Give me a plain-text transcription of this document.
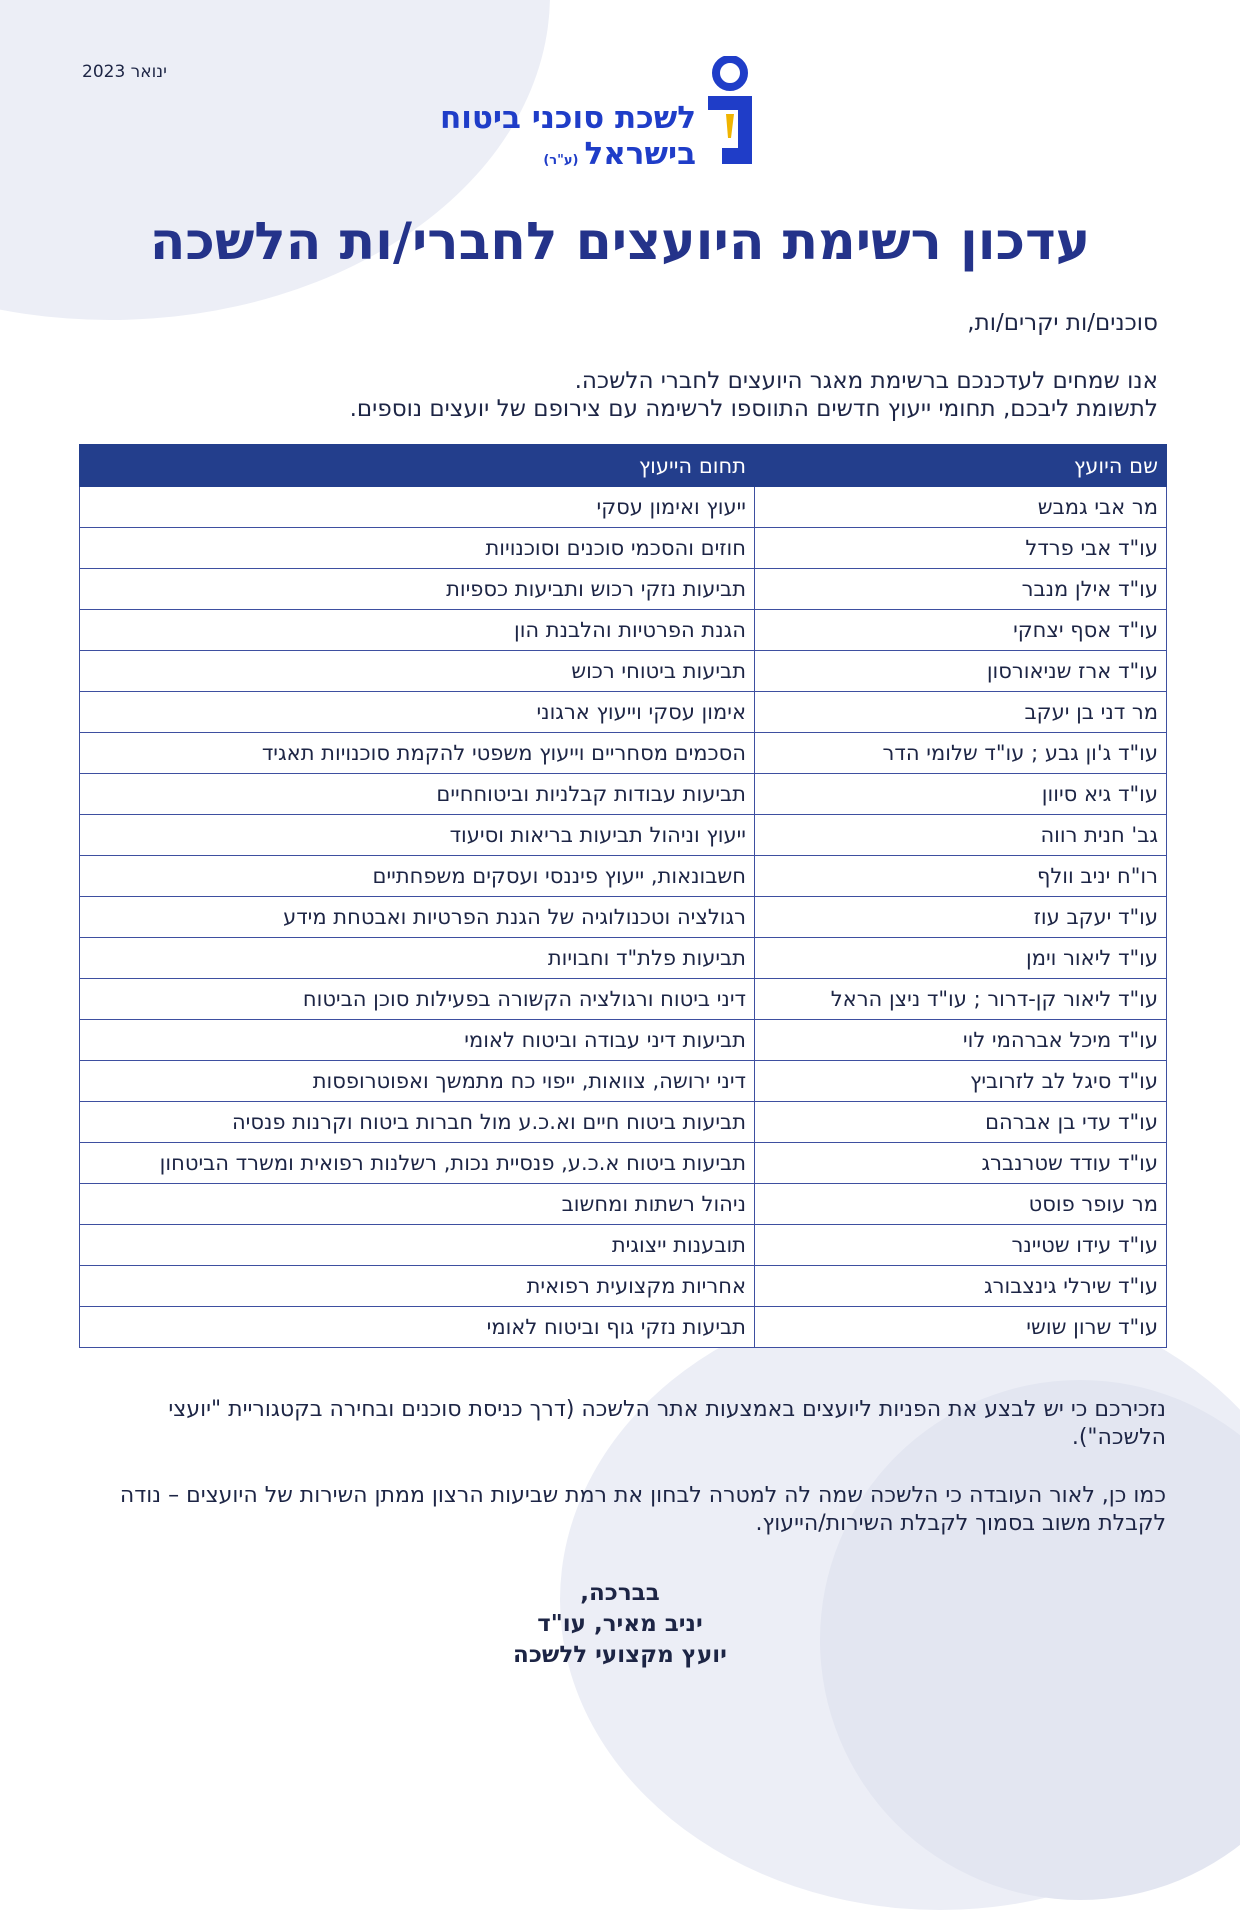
ינואר 2023
לשכת סוכני ביטוח
בישראל(ע"ר)
עדכון רשימת היועצים לחברי/ות הלשכה
סוכנים/ות יקרים/ות,
אנו שמחים לעדכנכם ברשימת מאגר היועצים לחברי הלשכה.
לתשומת ליבכם, תחומי ייעוץ חדשים התווספו לרשימה עם צירופם של יועצים נוספים.
שם היועץ	תחום הייעוץ
מר אבי גמבש	ייעוץ ואימון עסקי
עו"ד אבי פרדל	חוזים והסכמי סוכנים וסוכנויות
עו"ד אילן מנבר	תביעות נזקי רכוש ותביעות כספיות
עו"ד אסף יצחקי	הגנת הפרטיות והלבנת הון
עו"ד ארז שניאורסון	תביעות ביטוחי רכוש
מר דני בן יעקב	אימון עסקי וייעוץ ארגוני
עו"ד ג'ון גבע ; עו"ד שלומי הדר	הסכמים מסחריים וייעוץ משפטי להקמת סוכנויות תאגיד
עו"ד גיא סיוון	תביעות עבודות קבלניות וביטוחחיים
גב' חנית רווה	ייעוץ וניהול תביעות בריאות וסיעוד
רו"ח יניב וולף	חשבונאות, ייעוץ פיננסי ועסקים משפחתיים
עו"ד יעקב עוז	רגולציה וטכנולוגיה של הגנת הפרטיות ואבטחת מידע
עו"ד ליאור וימן	תביעות פלת"ד וחבויות
עו"ד ליאור קן-דרור ; עו"ד ניצן הראל	דיני ביטוח ורגולציה הקשורה בפעילות סוכן הביטוח
עו"ד מיכל אברהמי לוי	תביעות דיני עבודה וביטוח לאומי
עו"ד סיגל לב לזרוביץ	דיני ירושה, צוואות, ייפוי כח מתמשך ואפוטרופסות
עו"ד עדי בן אברהם	תביעות ביטוח חיים וא.כ.ע מול חברות ביטוח וקרנות פנסיה
עו"ד עודד שטרנברג	תביעות ביטוח א.כ.ע, פנסיית נכות, רשלנות רפואית ומשרד הביטחון
מר עופר פוסט	ניהול רשתות ומחשוב
עו"ד עידו שטיינר	תובענות ייצוגית
עו"ד שירלי גינצבורג	אחריות מקצועית רפואית
עו"ד שרון שושי	תביעות נזקי גוף וביטוח לאומי
נזכירכם כי יש לבצע את הפניות ליועצים באמצעות אתר הלשכה (דרך כניסת סוכנים ובחירה בקטגוריית "יועצי הלשכה").
כמו כן, לאור העובדה כי הלשכה שמה לה למטרה לבחון את רמת שביעות הרצון ממתן השירות של היועצים – נודה לקבלת משוב בסמוך לקבלת השירות/הייעוץ.
בברכה,
יניב מאיר, עו"ד
יועץ מקצועי ללשכה
